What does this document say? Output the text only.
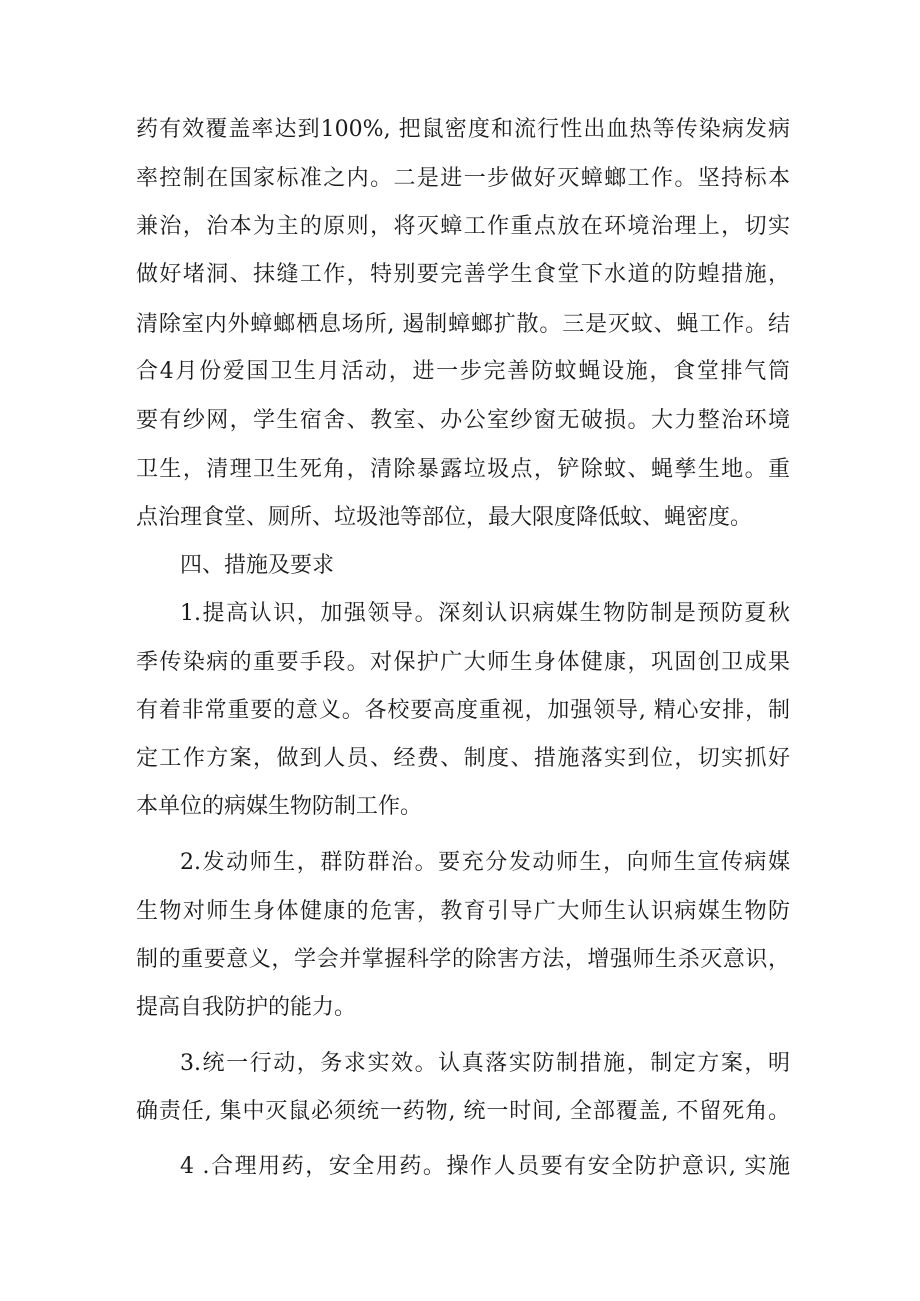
药有效覆盖率达到100%, 把鼠密度和流行性出血热等传染病发病
率控制在国家标准之内。二是进一步做好灭蟑螂工作。坚持标本
兼治，治本为主的原则，将灭蟑工作重点放在环境治理上，切实
做好堵洞、抹缝工作，特别要完善学生食堂下水道的防蝗措施，
清除室内外蟑螂栖息场所, 遏制蟑螂扩散。三是灭蚊、蝇工作。结
合4月份爱国卫生月活动，进一步完善防蚊蝇设施，食堂排气筒
要有纱网，学生宿舍、教室、办公室纱窗无破损。大力整治环境
卫生，清理卫生死角，清除暴露垃圾点，铲除蚊、蝇孳生地。重
点治理食堂、厕所、垃圾池等部位，最大限度降低蚊、蝇密度。
四、措施及要求
1.提高认识，加强领导。深刻认识病媒生物防制是预防夏秋
季传染病的重要手段。对保护广大师生身体健康，巩固创卫成果
有着非常重要的意义。各校要高度重视，加强领导, 精心安排，制
定工作方案，做到人员、经费、制度、措施落实到位，切实抓好
本单位的病媒生物防制工作。
2.发动师生，群防群治。要充分发动师生，向师生宣传病媒
生物对师生身体健康的危害，教育引导广大师生认识病媒生物防
制的重要意义，学会并掌握科学的除害方法，增强师生杀灭意识，
提高自我防护的能力。
3.统一行动，务求实效。认真落实防制措施，制定方案，明
确责任, 集中灭鼠必须统一药物, 统一时间, 全部覆盖, 不留死角。
4 .合理用药，安全用药。操作人员要有安全防护意识, 实施
